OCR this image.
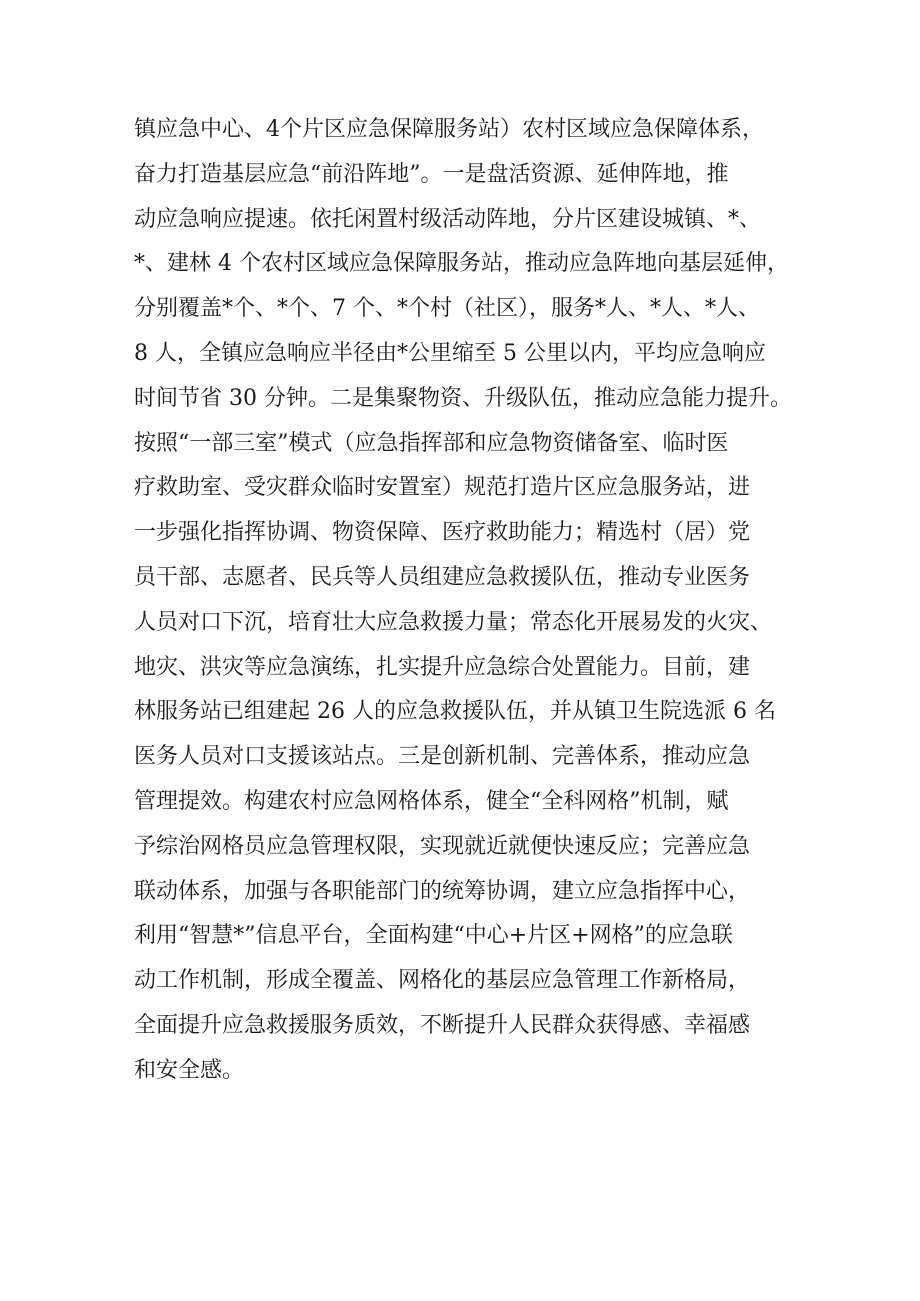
镇应急中心、4个片区应急保障服务站）农村区域应急保障体系，
奋力打造基层应急“前沿阵地”。一是盘活资源、延伸阵地，推
动应急响应提速。依托闲置村级活动阵地，分片区建设城镇、*、
*、建林 4 个农村区域应急保障服务站，推动应急阵地向基层延伸，
分别覆盖*个、*个、7 个、*个村（社区），服务*人、*人、*人、
8 人，全镇应急响应半径由*公里缩至 5 公里以内，平均应急响应
时间节省 30 分钟。二是集聚物资、升级队伍，推动应急能力提升。
按照“一部三室”模式（应急指挥部和应急物资储备室、临时医
疗救助室、受灾群众临时安置室）规范打造片区应急服务站，进
一步强化指挥协调、物资保障、医疗救助能力；精选村（居）党
员干部、志愿者、民兵等人员组建应急救援队伍，推动专业医务
人员对口下沉，培育壮大应急救援力量；常态化开展易发的火灾、
地灾、洪灾等应急演练，扎实提升应急综合处置能力。目前，建
林服务站已组建起 26 人的应急救援队伍，并从镇卫生院选派 6 名
医务人员对口支援该站点。三是创新机制、完善体系，推动应急
管理提效。构建农村应急网格体系，健全“全科网格”机制，赋
予综治网格员应急管理权限，实现就近就便快速反应；完善应急
联动体系，加强与各职能部门的统筹协调，建立应急指挥中心，
利用“智慧*”信息平台，全面构建“中心+片区+网格”的应急联
动工作机制，形成全覆盖、网格化的基层应急管理工作新格局，
全面提升应急救援服务质效，不断提升人民群众获得感、幸福感
和安全感。
